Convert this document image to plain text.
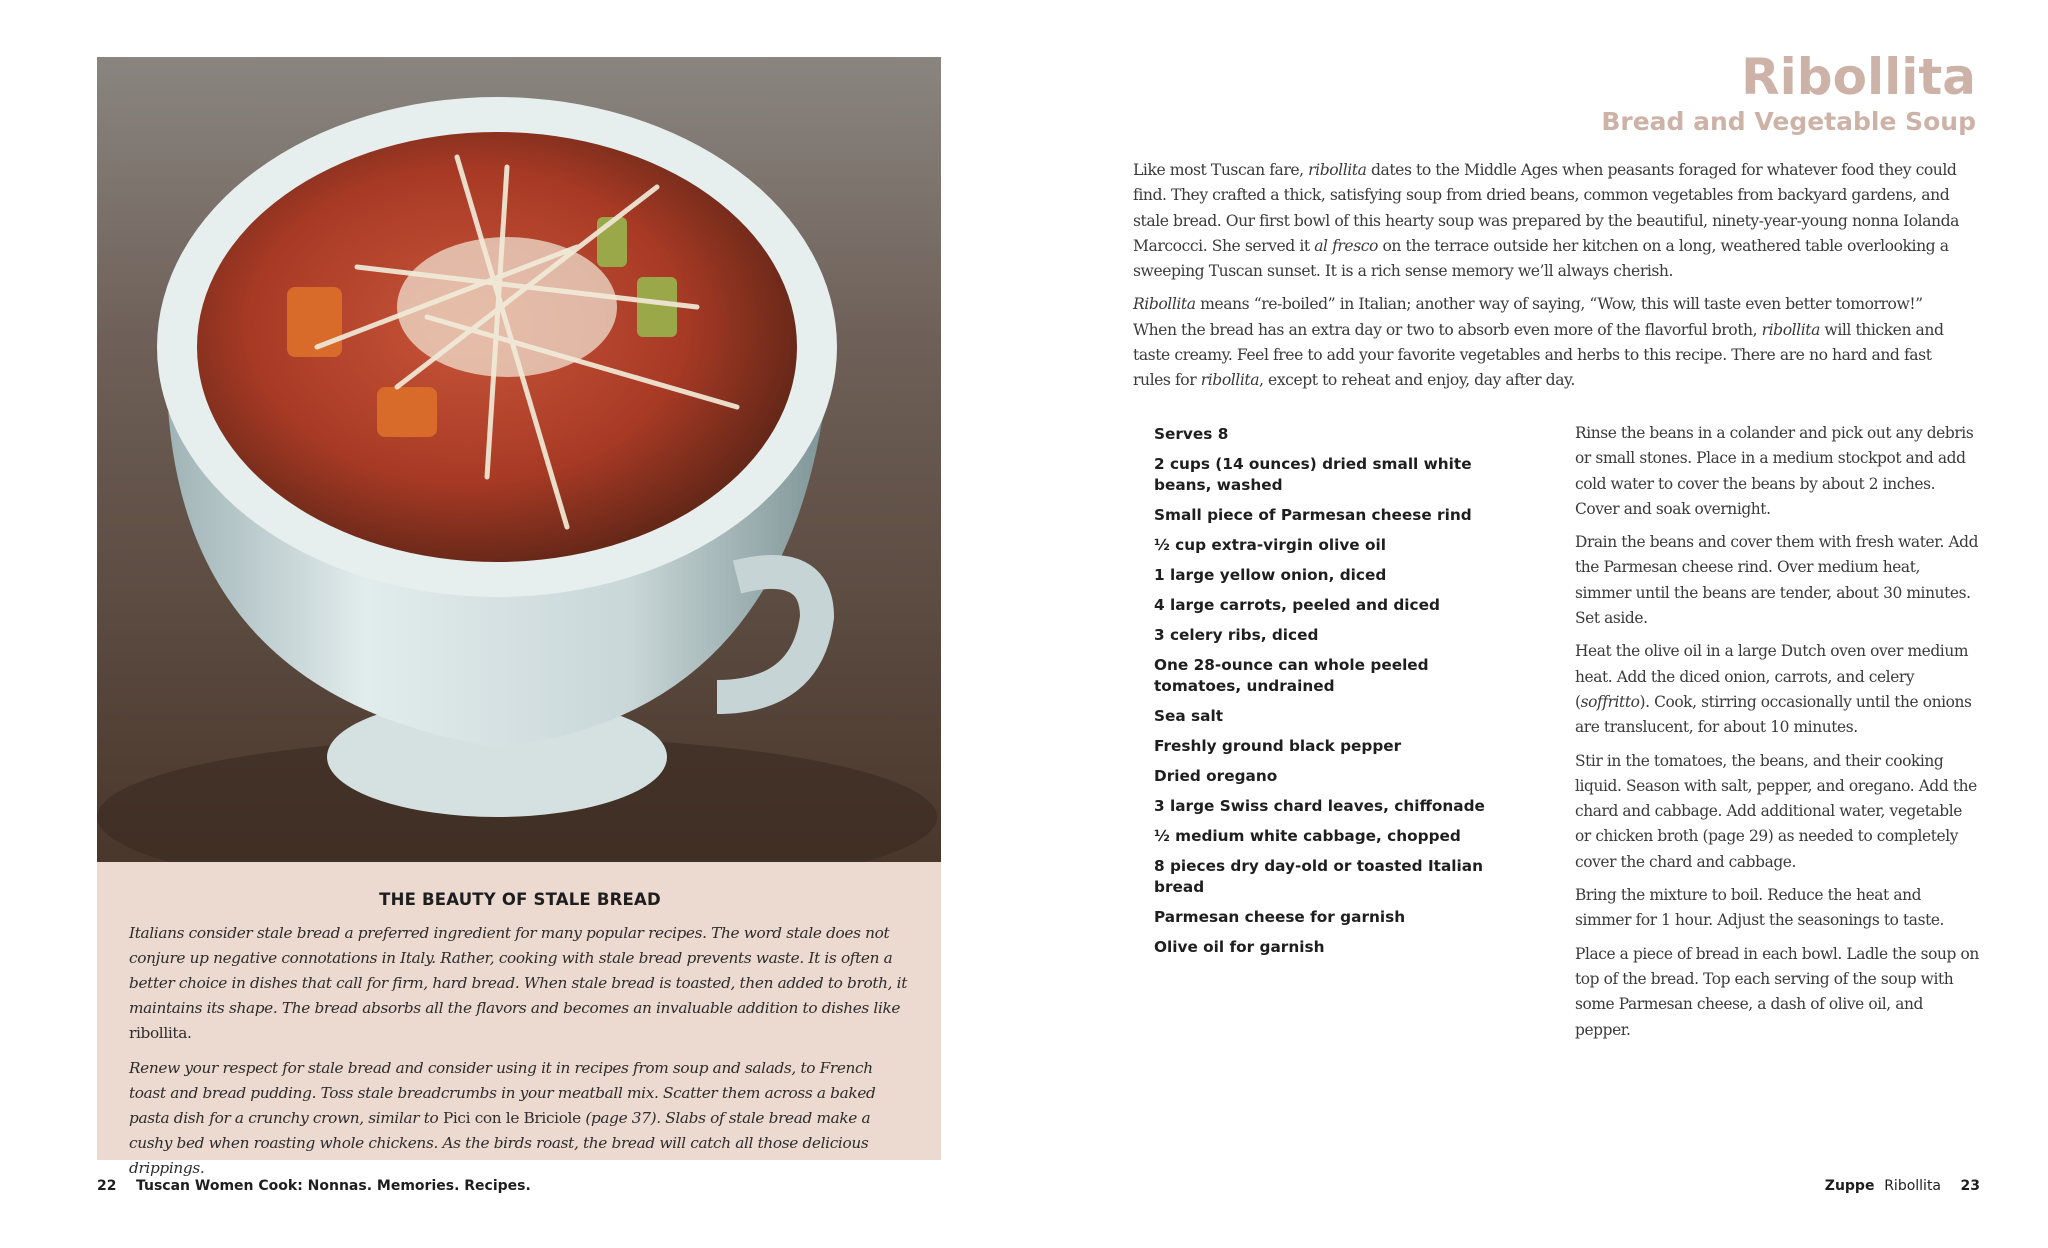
THE BEAUTY OF STALE BREAD

Italians consider stale bread a preferred ingredient for many popular recipes. The word stale does not conjure up negative connotations in Italy. Rather, cooking with stale bread prevents waste. It is often a better choice in dishes that call for firm, hard bread. When stale bread is toasted, then added to broth, it maintains its shape. The bread absorbs all the flavors and becomes an invaluable addition to dishes like ribollita.

Renew your respect for stale bread and consider using it in recipes from soup and salads, to French toast and bread pudding. Toss stale breadcrumbs in your meatball mix. Scatter them across a baked pasta dish for a crunchy crown, similar to Pici con le Briciole (page 37). Slabs of stale bread make a cushy bed when roasting whole chickens. As the birds roast, the bread will catch all those delicious drippings.

22 Tuscan Women Cook: Nonnas. Memories. Recipes.	Zuppe Ribollita 23
Ribollita
Bread and Vegetable Soup

Like most Tuscan fare, ribollita dates to the Middle Ages when peasants foraged for whatever food they could find. They crafted a thick, satisfying soup from dried beans, common vegetables from backyard gardens, and stale bread. Our first bowl of this hearty soup was prepared by the beautiful, ninety-year-young nonna Iolanda Marcocci. She served it al fresco on the terrace outside her kitchen on a long, weathered table overlooking a sweeping Tuscan sunset. It is a rich sense memory we’ll always cherish.

Ribollita means “re-boiled” in Italian; another way of saying, “Wow, this will taste even better tomorrow!” When the bread has an extra day or two to absorb even more of the flavorful broth, ribollita will thicken and taste creamy. Feel free to add your favorite vegetables and herbs to this recipe. There are no hard and fast rules for ribollita, except to reheat and enjoy, day after day.

Serves 8
2 cups (14 ounces) dried small white beans, washed
Small piece of Parmesan cheese rind
½ cup extra-virgin olive oil
1 large yellow onion, diced
4 large carrots, peeled and diced
3 celery ribs, diced
One 28-ounce can whole peeled tomatoes, undrained
Sea salt
Freshly ground black pepper
Dried oregano
3 large Swiss chard leaves, chiffonade
½ medium white cabbage, chopped
8 pieces dry day-old or toasted Italian bread
Parmesan cheese for garnish
Olive oil for garnish

Rinse the beans in a colander and pick out any debris or small stones. Place in a medium stockpot and add cold water to cover the beans by about 2 inches. Cover and soak overnight.

Drain the beans and cover them with fresh water. Add the Parmesan cheese rind. Over medium heat, simmer until the beans are tender, about 30 minutes. Set aside.

Heat the olive oil in a large Dutch oven over medium heat. Add the diced onion, carrots, and celery (soffritto). Cook, stirring occasionally until the onions are translucent, for about 10 minutes.

Stir in the tomatoes, the beans, and their cooking liquid. Season with salt, pepper, and oregano. Add the chard and cabbage. Add additional water, vegetable or chicken broth (page 29) as needed to completely cover the chard and cabbage.

Bring the mixture to boil. Reduce the heat and simmer for 1 hour. Adjust the seasonings to taste.

Place a piece of bread in each bowl. Ladle the soup on top of the bread. Top each serving of the soup with some Parmesan cheese, a dash of olive oil, and pepper.
